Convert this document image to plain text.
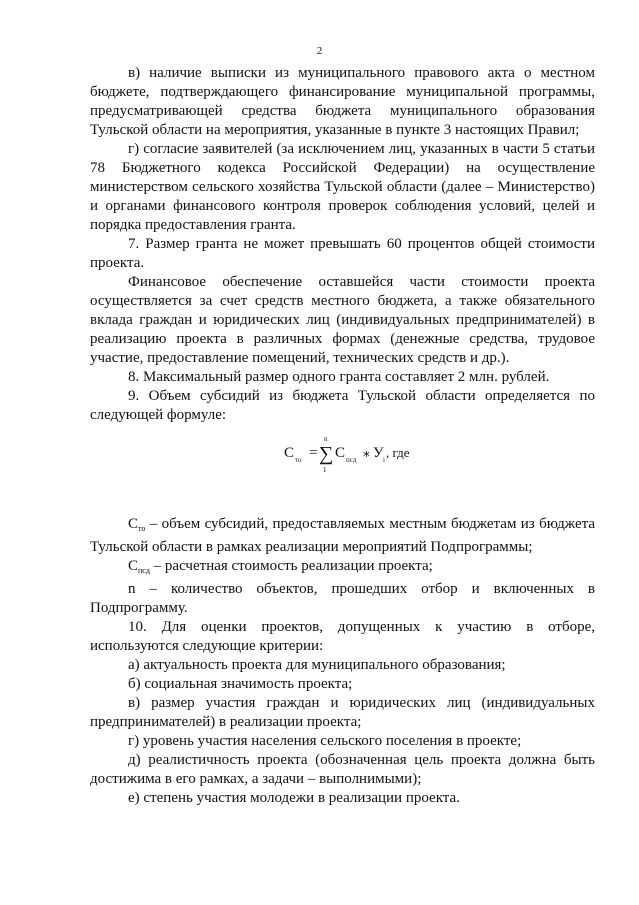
2

в) наличие выписки из муниципального правового акта о местном бюджете, подтверждающего финансирование муниципальной программы, предусматривающей средства бюджета муниципального образования Тульской области на мероприятия, указанные в пункте 3 настоящих Правил;

г) согласие заявителей (за исключением лиц, указанных в части 5 статьи 78 Бюджетного кодекса Российской Федерации) на осуществление министерством сельского хозяйства Тульской области (далее – Министерство) и органами финансового контроля проверок соблюдения условий, целей и порядка предоставления гранта.

7. Размер гранта не может превышать 60 процентов общей стоимости проекта.

Финансовое обеспечение оставшейся части стоимости проекта осуществляется за счет средств местного бюджета, а также обязательного вклада граждан и юридических лиц (индивидуальных предпринимателей) в реализацию проекта в различных формах (денежные средства, трудовое участие, предоставление помещений, технических средств и др.).

8. Максимальный размер одного гранта составляет 2 млн. рублей.

9. Объем субсидий из бюджета Тульской области определяется по следующей формуле:

С то =
n
∑
1
С псд ∗ У i , где

$С_{то}$ – объем субсидий, предоставляемых местным бюджетам из бюджета Тульской области в рамках реализации мероприятий Подпрограммы;

$С_{псд}$ – расчетная стоимость реализации проекта;

n – количество объектов, прошедших отбор и включенных в Подпрограмму.

10. Для оценки проектов, допущенных к участию в отборе, используются следующие критерии:

а) актуальность проекта для муниципального образования;

б) социальная значимость проекта;

в) размер участия граждан и юридических лиц (индивидуальных предпринимателей) в реализации проекта;

г) уровень участия населения сельского поселения в проекте;

д) реалистичность проекта (обозначенная цель проекта должна быть достижима в его рамках, а задачи – выполнимыми);

е) степень участия молодежи в реализации проекта.
